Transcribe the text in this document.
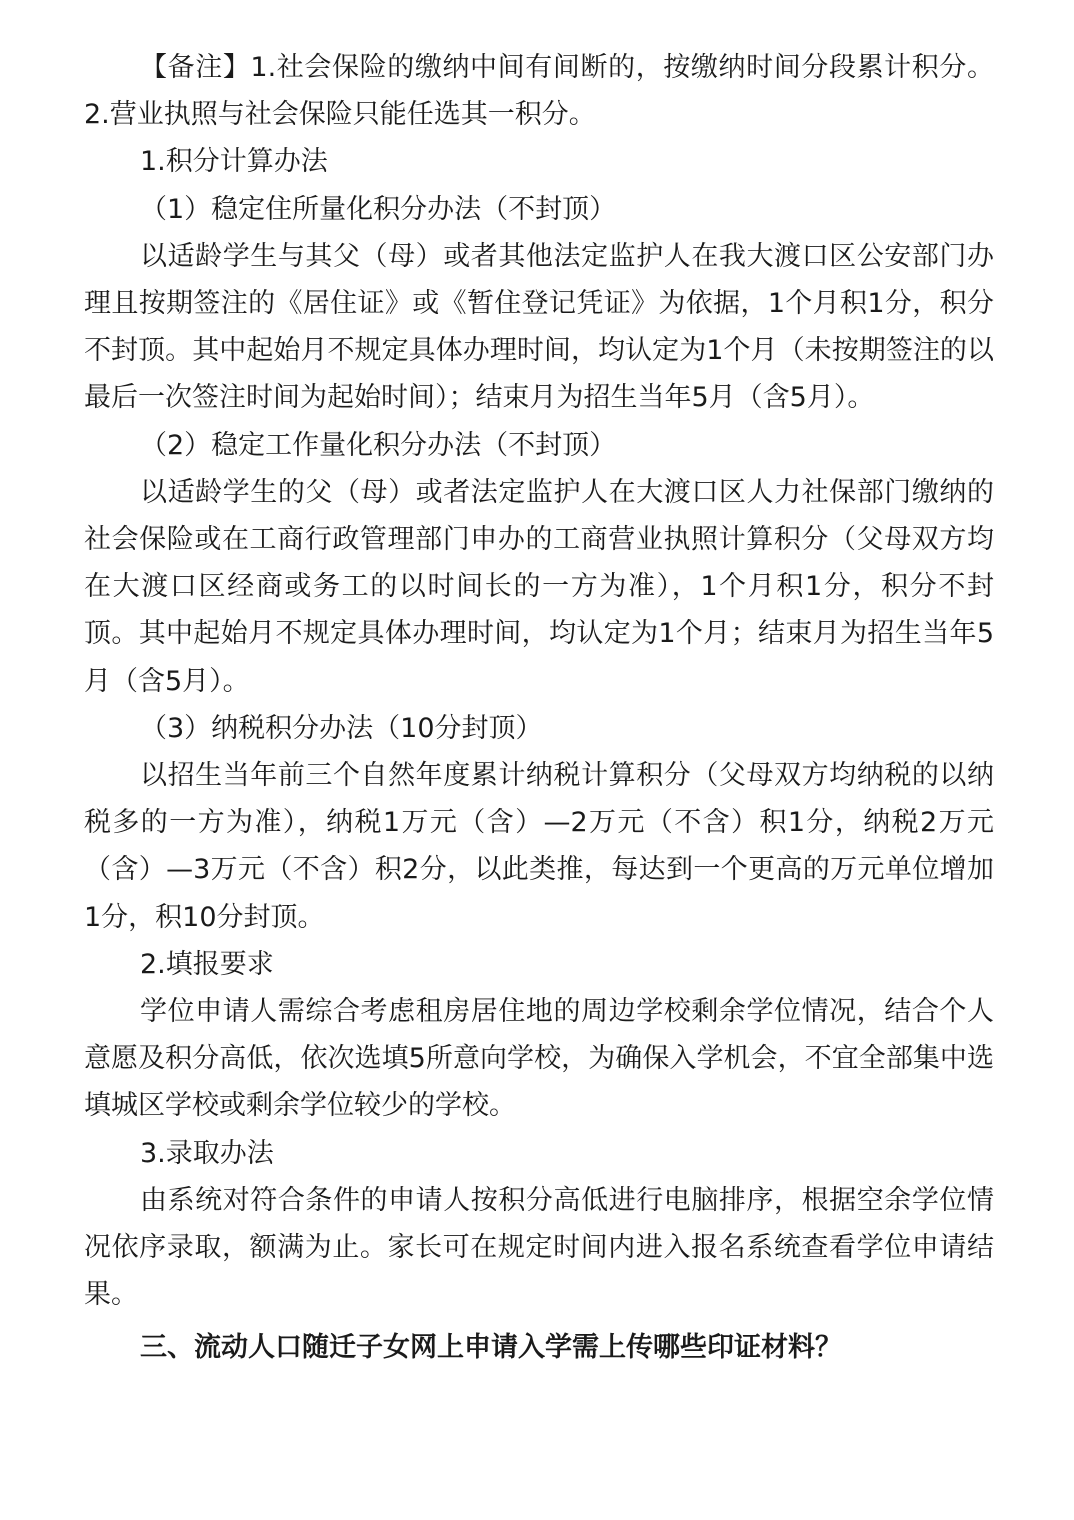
【备注】1.社会保险的缴纳中间有间断的，按缴纳时间分段累计积分。2.营业执照与社会保险只能任选其一积分。

1.积分计算办法

（1）稳定住所量化积分办法（不封顶）

以适龄学生与其父（母）或者其他法定监护人在我大渡口区公安部门办理且按期签注的《居住证》或《暂住登记凭证》为依据，1个月积1分，积分不封顶。其中起始月不规定具体办理时间，均认定为1个月（未按期签注的以最后一次签注时间为起始时间）；结束月为招生当年5月（含5月）。

（2）稳定工作量化积分办法（不封顶）

以适龄学生的父（母）或者法定监护人在大渡口区人力社保部门缴纳的社会保险或在工商行政管理部门申办的工商营业执照计算积分（父母双方均在大渡口区经商或务工的以时间长的一方为准），1个月积1分，积分不封顶。其中起始月不规定具体办理时间，均认定为1个月；结束月为招生当年5月（含5月）。

（3）纳税积分办法（10分封顶）

以招生当年前三个自然年度累计纳税计算积分（父母双方均纳税的以纳税多的一方为准），纳税1万元（含）—2万元（不含）积1分，纳税2万元（含）—3万元（不含）积2分，以此类推，每达到一个更高的万元单位增加1分，积10分封顶。

2.填报要求

学位申请人需综合考虑租房居住地的周边学校剩余学位情况，结合个人意愿及积分高低，依次选填5所意向学校，为确保入学机会，不宜全部集中选填城区学校或剩余学位较少的学校。

3.录取办法

由系统对符合条件的申请人按积分高低进行电脑排序，根据空余学位情况依序录取，额满为止。家长可在规定时间内进入报名系统查看学位申请结果。

三、流动人口随迁子女网上申请入学需上传哪些印证材料？
